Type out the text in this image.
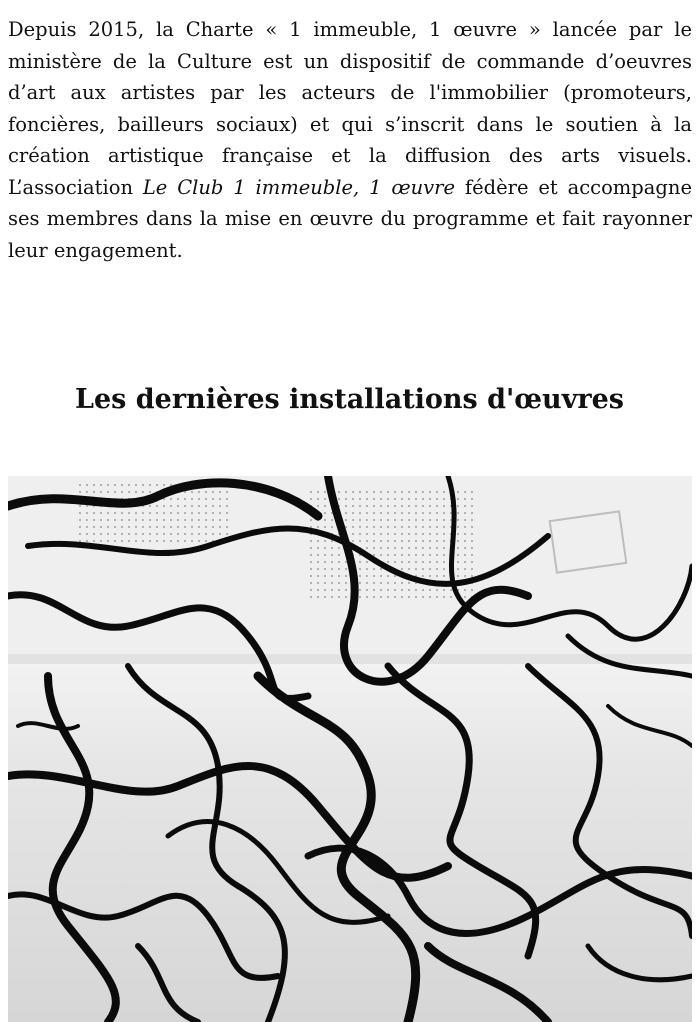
Depuis 2015, la Charte « 1 immeuble, 1 œuvre » lancée par le ministère de la Culture est un dispositif de commande d’oeuvres d’art aux artistes par les acteurs de l'immobilier (promoteurs, foncières, bailleurs sociaux) et qui s’inscrit dans le soutien à la création artistique française et la diffusion des arts visuels. L’association Le Club 1 immeuble, 1 œuvre fédère et accompagne ses membres dans la mise en œuvre du programme et fait rayonner leur engagement.

Les dernières installations d'œuvres
